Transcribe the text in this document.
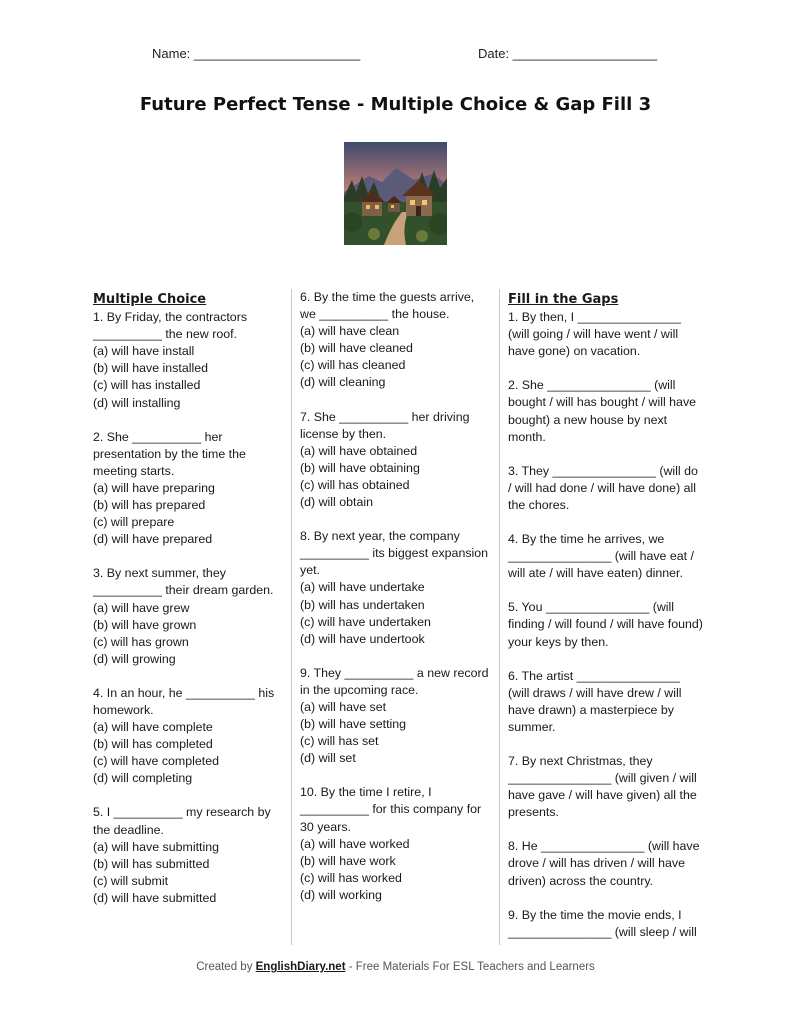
Name: _______________________	Date: ____________________
Future Perfect Tense - Multiple Choice & Gap Fill 3
Multiple Choice

1. By Friday, the contractors __________ the new roof.

(a) will have install

(b) will have installed

(c) will has installed

(d) will installing

2. She __________ her presentation by the time the meeting starts.

(a) will have preparing

(b) will has prepared

(c) will prepare

(d) will have prepared

3. By next summer, they __________ their dream garden.

(a) will have grew

(b) will have grown

(c) will has grown

(d) will growing

4. In an hour, he __________ his homework.

(a) will have complete

(b) will has completed

(c) will have completed

(d) will completing

5. I __________ my research by the deadline.

(a) will have submitting

(b) will has submitted

(c) will submit

(d) will have submitted

6. By the time the guests arrive, we __________ the house.

(a) will have clean

(b) will have cleaned

(c) will has cleaned

(d) will cleaning

7. She __________ her driving license by then.

(a) will have obtained

(b) will have obtaining

(c) will has obtained

(d) will obtain

8. By next year, the company __________ its biggest expansion yet.

(a) will have undertake

(b) will has undertaken

(c) will have undertaken

(d) will have undertook

9. They __________ a new record in the upcoming race.

(a) will have set

(b) will have setting

(c) will has set

(d) will set

10. By the time I retire, I __________ for this company for 30 years.

(a) will have worked

(b) will have work

(c) will has worked

(d) will working

Fill in the Gaps

1. By then, I _______________ (will going / will have went / will have gone) on vacation.

2. She _______________ (will bought / will has bought / will have bought) a new house by next month.

3. They _______________ (will do / will had done / will have done) all the chores.

4. By the time he arrives, we _______________ (will have eat / will ate / will have eaten) dinner.

5. You _______________ (will finding / will found / will have found) your keys by then.

6. The artist _______________ (will draws / will have drew / will have drawn) a masterpiece by summer.

7. By next Christmas, they _______________ (will given / will have gave / will have given) all the presents.

8. He _______________ (will have drove / will has driven / will have driven) across the country.

9. By the time the movie ends, I _______________ (will sleep / will

Created by EnglishDiary.net - Free Materials For ESL Teachers and Learners
